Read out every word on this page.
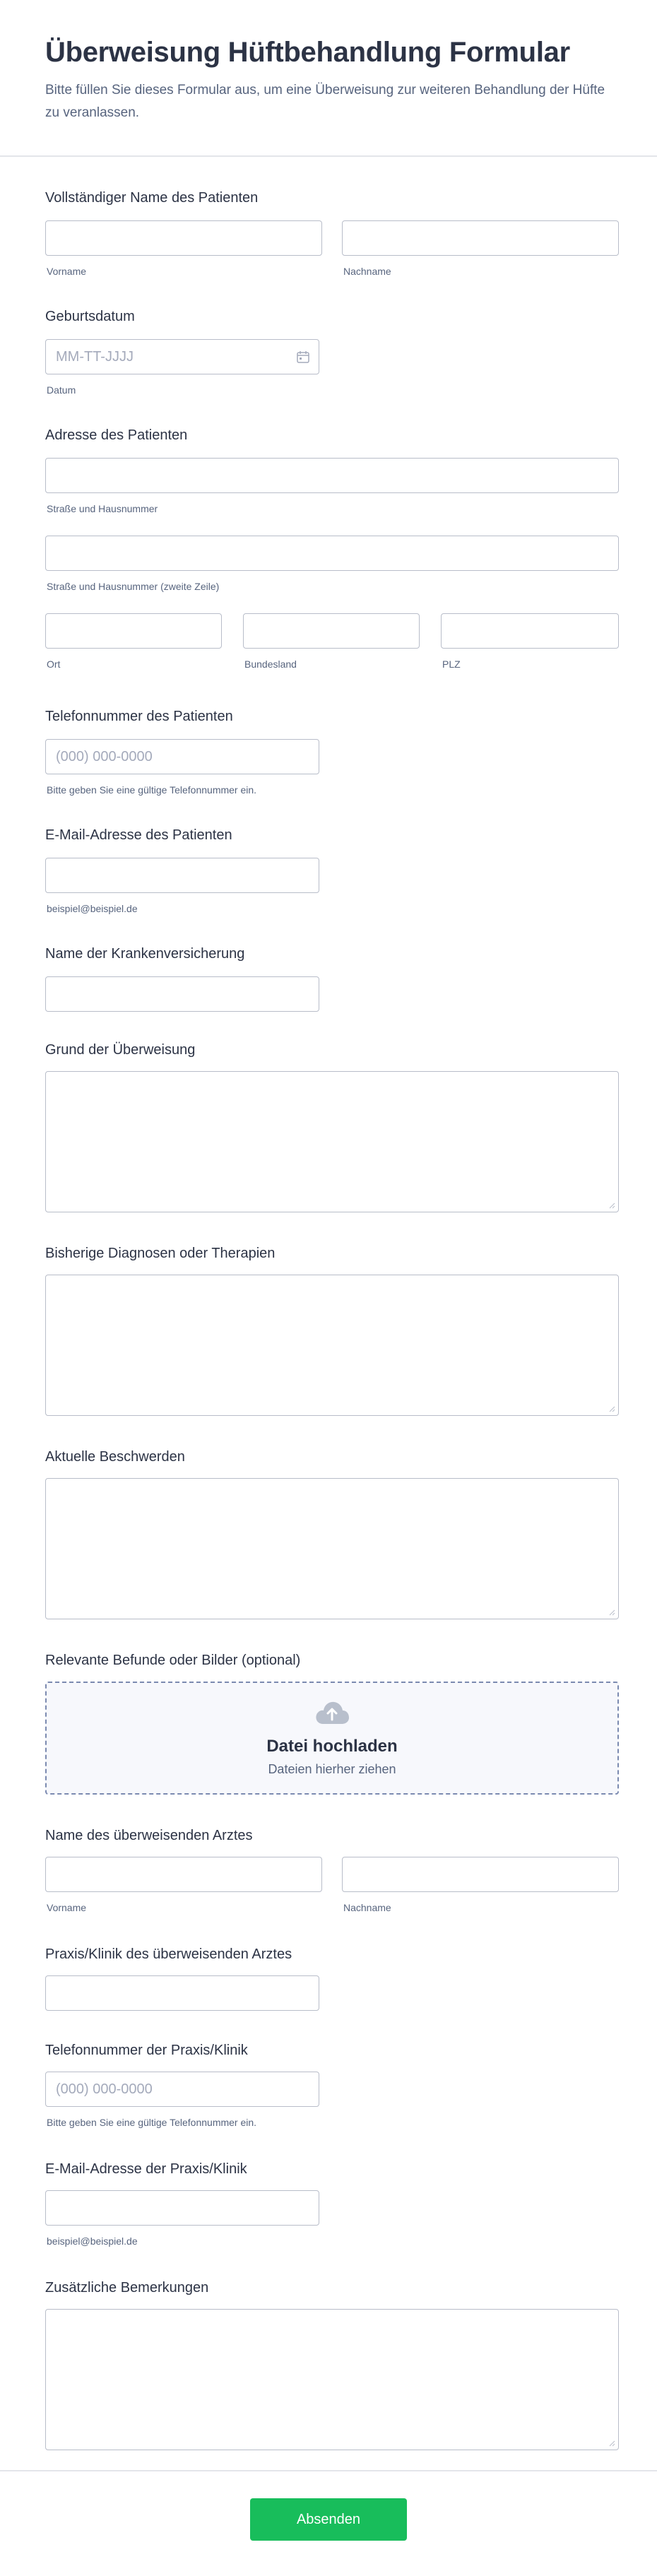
Überweisung Hüftbehandlung Formular

Bitte füllen Sie dieses Formular aus, um eine Überweisung zur weiteren Behandlung der Hüfte zu veranlassen.

Vollständiger Name des Patienten
Vorname	Nachname
Geburtsdatum
MM-TT-JJJJ
Datum
Adresse des Patienten
Straße und Hausnummer
Straße und Hausnummer (zweite Zeile)
Ort	Bundesland	PLZ
Telefonnummer des Patienten
(000) 000-0000
Bitte geben Sie eine gültige Telefonnummer ein.
E-Mail-Adresse des Patienten
beispiel@beispiel.de
Name der Krankenversicherung
Grund der Überweisung
Bisherige Diagnosen oder Therapien
Aktuelle Beschwerden
Relevante Befunde oder Bilder (optional)
Datei hochladen
Dateien hierher ziehen
Name des überweisenden Arztes
Vorname	Nachname
Praxis/Klinik des überweisenden Arztes
Telefonnummer der Praxis/Klinik
(000) 000-0000
Bitte geben Sie eine gültige Telefonnummer ein.
E-Mail-Adresse der Praxis/Klinik
beispiel@beispiel.de
Zusätzliche Bemerkungen
Absenden
